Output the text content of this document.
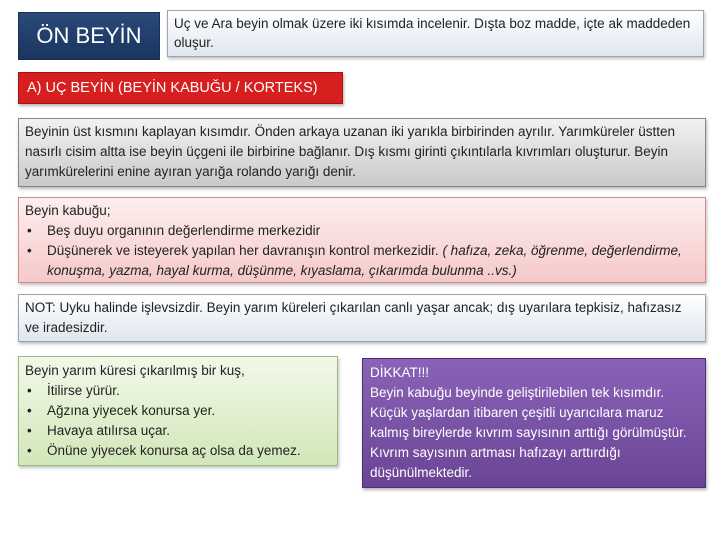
ÖN BEYİN	Uç ve Ara beyin olmak üzere iki kısımda incelenir. Dışta boz madde, içte ak maddeden oluşur.
A) UÇ BEYİN (BEYİN KABUĞU / KORTEKS)
Beyinin üst kısmını kaplayan kısımdır. Önden arkaya uzanan iki yarıkla birbirinden ayrılır. Yarımküreler üstten nasırlı cisim altta ise beyin üçgeni ile birbirine bağlanır. Dış kısmı girinti çıkıntılarla kıvrımları oluşturur. Beyin yarımkürelerini enine ayıran yarığa rolando yarığı denir.
Beyin kabuğu;
• Beş duyu organının değerlendirme merkezidir
• Düşünerek ve isteyerek yapılan her davranışın kontrol merkezidir. ( hafıza, zeka, öğrenme, değerlendirme, konuşma, yazma, hayal kurma, düşünme, kıyaslama, çıkarımda bulunma ..vs.)
NOT: Uyku halinde işlevsizdir. Beyin yarım küreleri çıkarılan canlı yaşar ancak; dış uyarılara tepkisiz, hafızasız ve iradesizdir.
Beyin yarım küresi çıkarılmış bir kuş,
• İtilirse yürür.
• Ağzına yiyecek konursa yer.
• Havaya atılırsa uçar.
• Önüne yiyecek konursa aç olsa da yemez.
DİKKAT!!!
Beyin kabuğu beyinde geliştirilebilen tek kısımdır. Küçük yaşlardan itibaren çeşitli uyarıcılara maruz kalmış bireylerde kıvrım sayısının arttığı görülmüştür. Kıvrım sayısının artması hafızayı arttırdığı düşünülmektedir.
